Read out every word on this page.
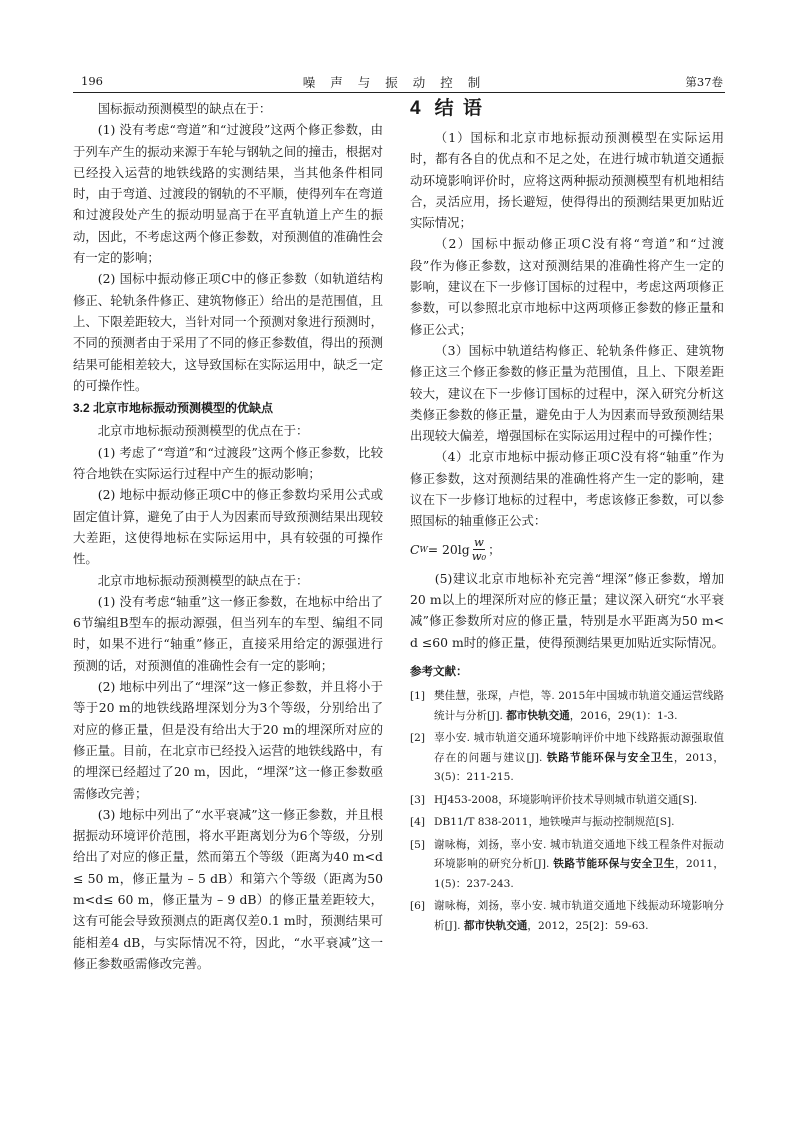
196	噪声与振动控制	第37卷

国标振动预测模型的缺点在于：

(1) 没有考虑“弯道”和“过渡段”这两个修正参数，由于列车产生的振动来源于车轮与钢轨之间的撞击，根据对已经投入运营的地铁线路的实测结果，当其他条件相同时，由于弯道、过渡段的钢轨的不平顺，使得列车在弯道和过渡段处产生的振动明显高于在平直轨道上产生的振动，因此，不考虑这两个修正参数，对预测值的准确性会有一定的影响；

(2) 国标中振动修正项C中的修正参数（如轨道结构修正、轮轨条件修正、建筑物修正）给出的是范围值，且上、下限差距较大，当针对同一个预测对象进行预测时，不同的预测者由于采用了不同的修正参数值，得出的预测结果可能相差较大，这导致国标在实际运用中，缺乏一定的可操作性。

3.2 北京市地标振动预测模型的优缺点

北京市地标振动预测模型的优点在于：

(1) 考虑了“弯道”和“过渡段”这两个修正参数，比较符合地铁在实际运行过程中产生的振动影响；

(2) 地标中振动修正项C中的修正参数均采用公式或固定值计算，避免了由于人为因素而导致预测结果出现较大差距，这使得地标在实际运用中，具有较强的可操作性。

北京市地标振动预测模型的缺点在于：

(1) 没有考虑“轴重”这一修正参数，在地标中给出了6节编组B型车的振动源强，但当列车的车型、编组不同时，如果不进行“轴重”修正，直接采用给定的源强进行预测的话，对预测值的准确性会有一定的影响；

(2) 地标中列出了“埋深”这一修正参数，并且将小于等于20 m的地铁线路埋深划分为3个等级，分别给出了对应的修正量，但是没有给出大于20 m的埋深所对应的修正量。目前，在北京市已经投入运营的地铁线路中，有的埋深已经超过了20 m，因此，“埋深”这一修正参数亟需修改完善；

(3) 地标中列出了“水平衰减”这一修正参数，并且根据振动环境评价范围，将水平距离划分为6个等级，分别给出了对应的修正量，然而第五个等级（距离为40 m<d ≤ 50 m，修正量为 – 5 dB）和第六个等级（距离为50 m<d≤ 60 m，修正量为 – 9 dB）的修正量差距较大，这有可能会导致预测点的距离仅差0.1 m时，预测结果可能相差4 dB，与实际情况不符，因此，“水平衰减”这一修正参数亟需修改完善。

4 结 语

（1）国标和北京市地标振动预测模型在实际运用时，都有各自的优点和不足之处，在进行城市轨道交通振动环境影响评价时，应将这两种振动预测模型有机地相结合，灵活应用，扬长避短，使得得出的预测结果更加贴近实际情况；

（2）国标中振动修正项C没有将“弯道”和“过渡段”作为修正参数，这对预测结果的准确性将产生一定的影响，建议在下一步修订国标的过程中，考虑这两项修正参数，可以参照北京市地标中这两项修正参数的修正量和修正公式；

（3）国标中轨道结构修正、轮轨条件修正、建筑物修正这三个修正参数的修正量为范围值，且上、下限差距较大，建议在下一步修订国标的过程中，深入研究分析这类修正参数的修正量，避免由于人为因素而导致预测结果出现较大偏差，增强国标在实际运用过程中的可操作性；

（4）北京市地标中振动修正项C没有将“轴重”作为修正参数，这对预测结果的准确性将产生一定的影响，建议在下一步修订地标的过程中，考虑该修正参数，可以参照国标的轴重修正公式：

C $W = 20\lg \frac{w}{\text{w₀}}$ ；

(5)建议北京市地标补充完善“埋深”修正参数，增加20 m以上的埋深所对应的修正量；建议深入研究“水平衰减”修正参数所对应的修正量，特别是水平距离为50 m< d ≤60 m时的修正量，使得预测结果更加贴近实际情况。

参考文献：
[1] 樊佳慧，张琛，卢恺，等. 2015年中国城市轨道交通运营线路统计与分析[J]. 都市快轨交通，2016，29(1)：1-3.
[2] 辜小安. 城市轨道交通环境影响评价中地下线路振动源强取值存在的问题与建议[J]. 铁路节能环保与安全卫生，2013，3(5)：211-215.
[3] HJ453-2008，环境影响评价技术导则城市轨道交通[S].
[4] DB11/T 838-2011，地铁噪声与振动控制规范[S].
[5] 谢咏梅，刘扬，辜小安. 城市轨道交通地下线工程条件对振动环境影响的研究分析[J]. 铁路节能环保与安全卫生，2011，1(5)：237-243.
[6] 谢咏梅，刘扬，辜小安. 城市轨道交通地下线振动环境影响分析[J]. 都市快轨交通，2012，25[2]：59-63.
